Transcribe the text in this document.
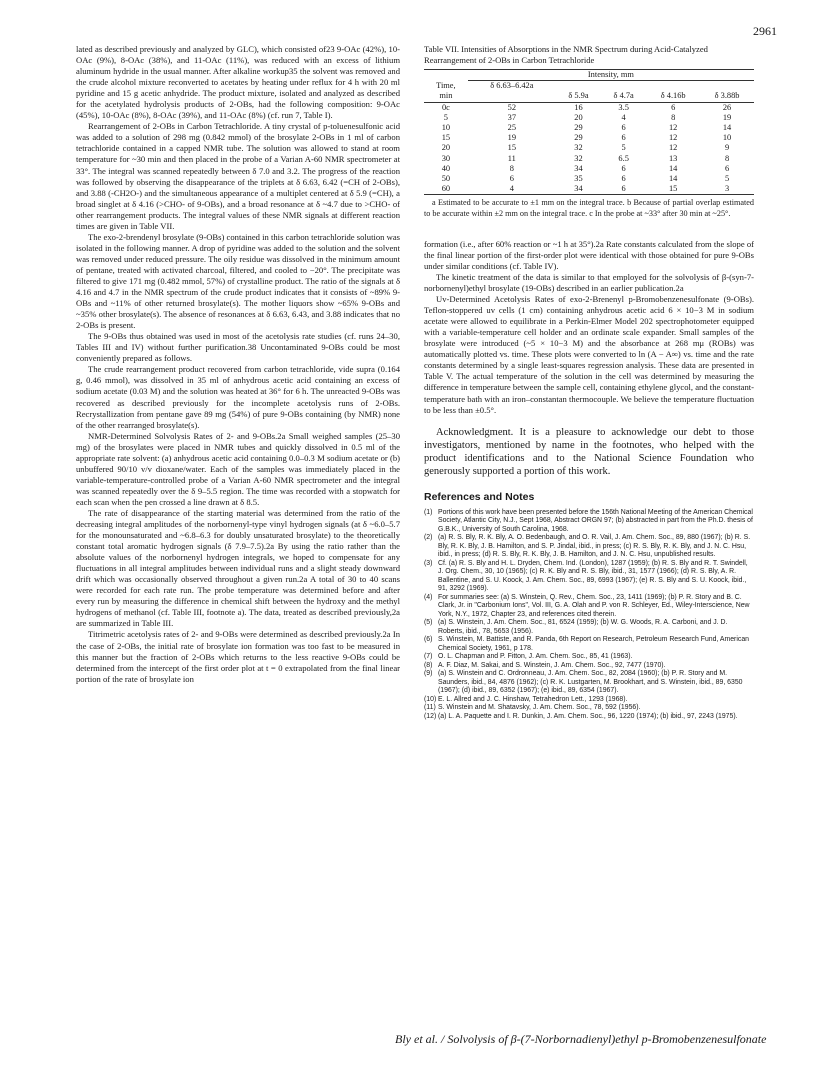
2961

lated as described previously and analyzed by GLC), which consisted of23 9-OAc (42%), 10-OAc (9%), 8-OAc (38%), and 11-OAc (11%), was reduced with an excess of lithium aluminum hydride in the usual manner. After alkaline workup35 the solvent was removed and the crude alcohol mixture reconverted to acetates by heating under reflux for 4 h with 20 ml pyridine and 15 g acetic anhydride. The product mixture, isolated and analyzed as described for the acetylated hydrolysis products of 2-OBs, had the following composition: 9-OAc (45%), 10-OAc (8%), 8-OAc (39%), and 11-OAc (8%) (cf. run 7, Table I).

Rearrangement of 2-OBs in Carbon Tetrachloride. A tiny crystal of p-toluenesulfonic acid was added to a solution of 298 mg (0.842 mmol) of the brosylate 2-OBs in 1 ml of carbon tetrachloride contained in a capped NMR tube. The solution was allowed to stand at room temperature for ~30 min and then placed in the probe of a Varian A-60 NMR spectrometer at 33°. The integral was scanned repeatedly between δ 7.0 and 3.2. The progress of the reaction was followed by observing the disappearance of the triplets at δ 6.63, 6.42 (=CH of 2-OBs), and 3.88 (-CH2O-) and the simultaneous appearance of a multiplet centered at δ 5.9 (=CH), a broad singlet at δ 4.16 (>CHO- of 9-OBs), and a broad resonance at δ ~4.7 due to >CHO- of other rearrangement products. The integral values of these NMR signals at different reaction times are given in Table VII.

The exo-2-brendenyl brosylate (9-OBs) contained in this carbon tetrachloride solution was isolated in the following manner. A drop of pyridine was added to the solution and the solvent was removed under reduced pressure. The oily residue was dissolved in the minimum amount of pentane, treated with activated charcoal, filtered, and cooled to −20°. The precipitate was filtered to give 171 mg (0.482 mmol, 57%) of crystalline product. The ratio of the signals at δ 4.16 and 4.7 in the NMR spectrum of the crude product indicates that it consists of ~89% 9-OBs and ~11% of other returned brosylate(s). The mother liquors show ~65% 9-OBs and ~35% other brosylate(s). The absence of resonances at δ 6.63, 6.43, and 3.88 indicates that no 2-OBs is present.

The 9-OBs thus obtained was used in most of the acetolysis rate studies (cf. runs 24–30, Tables III and IV) without further purification.38 Uncontaminated 9-OBs could be most conveniently prepared as follows.

The crude rearrangement product recovered from carbon tetrachloride, vide supra (0.164 g, 0.46 mmol), was dissolved in 35 ml of anhydrous acetic acid containing an excess of sodium acetate (0.03 M) and the solution was heated at 36° for 6 h. The unreacted 9-OBs was recovered as described previously for the incomplete acetolysis runs of 2-OBs. Recrystallization from pentane gave 89 mg (54%) of pure 9-OBs containing (by NMR) none of the other rearranged brosylate(s).

NMR-Determined Solvolysis Rates of 2- and 9-OBs.2a Small weighed samples (25–30 mg) of the brosylates were placed in NMR tubes and quickly dissolved in 0.5 ml of the appropriate rate solvent: (a) anhydrous acetic acid containing 0.0–0.3 M sodium acetate or (b) unbuffered 90/10 v/v dioxane/water. Each of the samples was immediately placed in the variable-temperature-controlled probe of a Varian A-60 NMR spectrometer and the integral was scanned repeatedly over the δ 9–5.5 region. The time was recorded with a stopwatch for each scan when the pen crossed a line drawn at δ 8.5.

The rate of disappearance of the starting material was determined from the ratio of the decreasing integral amplitudes of the norbornenyl-type vinyl hydrogen signals (at δ ~6.0–5.7 for the monounsaturated and ~6.8–6.3 for doubly unsaturated brosylate) to the theoretically constant total aromatic hydrogen signals (δ 7.9–7.5).2a By using the ratio rather than the absolute values of the norbornenyl hydrogen integrals, we hoped to compensate for any fluctuations in all integral amplitudes between individual runs and a slight steady downward drift which was occasionally observed throughout a given run.2a A total of 30 to 40 scans were recorded for each rate run. The probe temperature was determined before and after every run by measuring the difference in chemical shift between the hydroxy and the methyl hydrogens of methanol (cf. Table III, footnote a). The data, treated as described previously,2a are summarized in Table III.

Titrimetric acetolysis rates of 2- and 9-OBs were determined as described previously.2a In the case of 2-OBs, the initial rate of brosylate ion formation was too fast to be measured in this manner but the fraction of 2-OBs which returns to the less reactive 9-OBs could be determined from the intercept of the first order plot at t = 0 extrapolated from the final linear portion of the rate of brosylate ion

Table VII. Intensities of Absorptions in the NMR Spectrum during Acid-Catalyzed Rearrangement of 2-OBs in Carbon Tetrachloride
	Intensity, mm				
Time,	δ 6.63–6.42a				
min		δ 5.9a	δ 4.7a	δ 4.16b	δ 3.88b
0c	52	16	3.5	6	26
5	37	20	4	8	19
10	25	29	6	12	14
15	19	29	6	12	10
20	15	32	5	12	9
30	11	32	6.5	13	8
40	8	34	6	14	6
50	6	35	6	14	5
60	4	34	6	15	3
a Estimated to be accurate to ±1 mm on the integral trace. b Because of partial overlap estimated to be accurate within ±2 mm on the integral trace. c In the probe at ~33° after 30 min at ~25°.

formation (i.e., after 60% reaction or ~1 h at 35°).2a Rate constants calculated from the slope of the final linear portion of the first-order plot were identical with those obtained for pure 9-OBs under similar conditions (cf. Table IV).

The kinetic treatment of the data is similar to that employed for the solvolysis of β-(syn-7-norbornenyl)ethyl brosylate (19-OBs) described in an earlier publication.2a

Uv-Determined Acetolysis Rates of exo-2-Brenenyl p-Bromobenzenesulfonate (9-OBs). Teflon-stoppered uv cells (1 cm) containing anhydrous acetic acid 6 × 10−3 M in sodium acetate were allowed to equilibrate in a Perkin-Elmer Model 202 spectrophotometer equipped with a variable-temperature cell holder and an ordinate scale expander. Small samples of the brosylate were introduced (~5 × 10−3 M) and the absorbance at 268 mμ (ROBs) was automatically plotted vs. time. These plots were converted to ln (A − A∞) vs. time and the rate constants determined by a single least-squares regression analysis. These data are presented in Table V. The actual temperature of the solution in the cell was determined by measuring the difference in temperature between the sample cell, containing ethylene glycol, and the constant-temperature bath with an iron–constantan thermocouple. We believe the temperature fluctuation to be less than ±0.5°.

Acknowledgment. It is a pleasure to acknowledge our debt to those investigators, mentioned by name in the footnotes, who helped with the product identifications and to the National Science Foundation who generously supported a portion of this work.
References and Notes
(1) Portions of this work have been presented before the 156th National Meeting of the American Chemical Society, Atlantic City, N.J., Sept 1968, Abstract ORGN 97; (b) abstracted in part from the Ph.D. thesis of G.B.K., University of South Carolina, 1968.
(2) (a) R. S. Bly, R. K. Bly, A. O. Bedenbaugh, and O. R. Vail, J. Am. Chem. Soc., 89, 880 (1967); (b) R. S. Bly, R. K. Bly, J. B. Hamilton, and S. P. Jindal, ibid., in press; (c) R. S. Bly, R. K. Bly, and J. N. C. Hsu, ibid., in press; (d) R. S. Bly, R. K. Bly, J. B. Hamilton, and J. N. C. Hsu, unpublished results.
(3) Cf. (a) R. S. Bly and H. L. Dryden, Chem. Ind. (London), 1287 (1959); (b) R. S. Bly and R. T. Swindell, J. Org. Chem., 30, 10 (1965); (c) R. K. Bly and R. S. Bly, ibid., 31, 1577 (1966); (d) R. S. Bly, A. R. Ballentine, and S. U. Koock, J. Am. Chem. Soc., 89, 6993 (1967); (e) R. S. Bly and S. U. Koock, ibid., 91, 3292 (1969).
(4) For summaries see: (a) S. Winstein, Q. Rev., Chem. Soc., 23, 1411 (1969); (b) P. R. Story and B. C. Clark, Jr. in "Carbonium Ions", Vol. III, G. A. Olah and P. von R. Schleyer, Ed., Wiley-Interscience, New York, N.Y., 1972, Chapter 23, and references cited therein.
(5) (a) S. Winstein, J. Am. Chem. Soc., 81, 6524 (1959); (b) W. G. Woods, R. A. Carboni, and J. D. Roberts, ibid., 78, 5653 (1956).
(6) S. Winstein, M. Battiste, and R. Panda, 6th Report on Research, Petroleum Research Fund, American Chemical Society, 1961, p 178.
(7) O. L. Chapman and P. Fitton, J. Am. Chem. Soc., 85, 41 (1963).
(8) A. F. Diaz, M. Sakai, and S. Winstein, J. Am. Chem. Soc., 92, 7477 (1970).
(9) (a) S. Winstein and C. Ordronneau, J. Am. Chem. Soc., 82, 2084 (1960); (b) P. R. Story and M. Saunders, ibid., 84, 4876 (1962); (c) R. K. Lustgarten, M. Brookhart, and S. Winstein, ibid., 89, 6350 (1967); (d) ibid., 89, 6352 (1967); (e) ibid., 89, 6354 (1967).
(10) E. L. Allred and J. C. Hinshaw, Tetrahedron Lett., 1293 (1968).
(11) S. Winstein and M. Shatavsky, J. Am. Chem. Soc., 78, 592 (1956).
(12) (a) L. A. Paquette and I. R. Dunkin, J. Am. Chem. Soc., 96, 1220 (1974); (b) ibid., 97, 2243 (1975).
Bly et al. / Solvolysis of β-(7-Norbornadienyl)ethyl p-Bromobenzenesulfonate
